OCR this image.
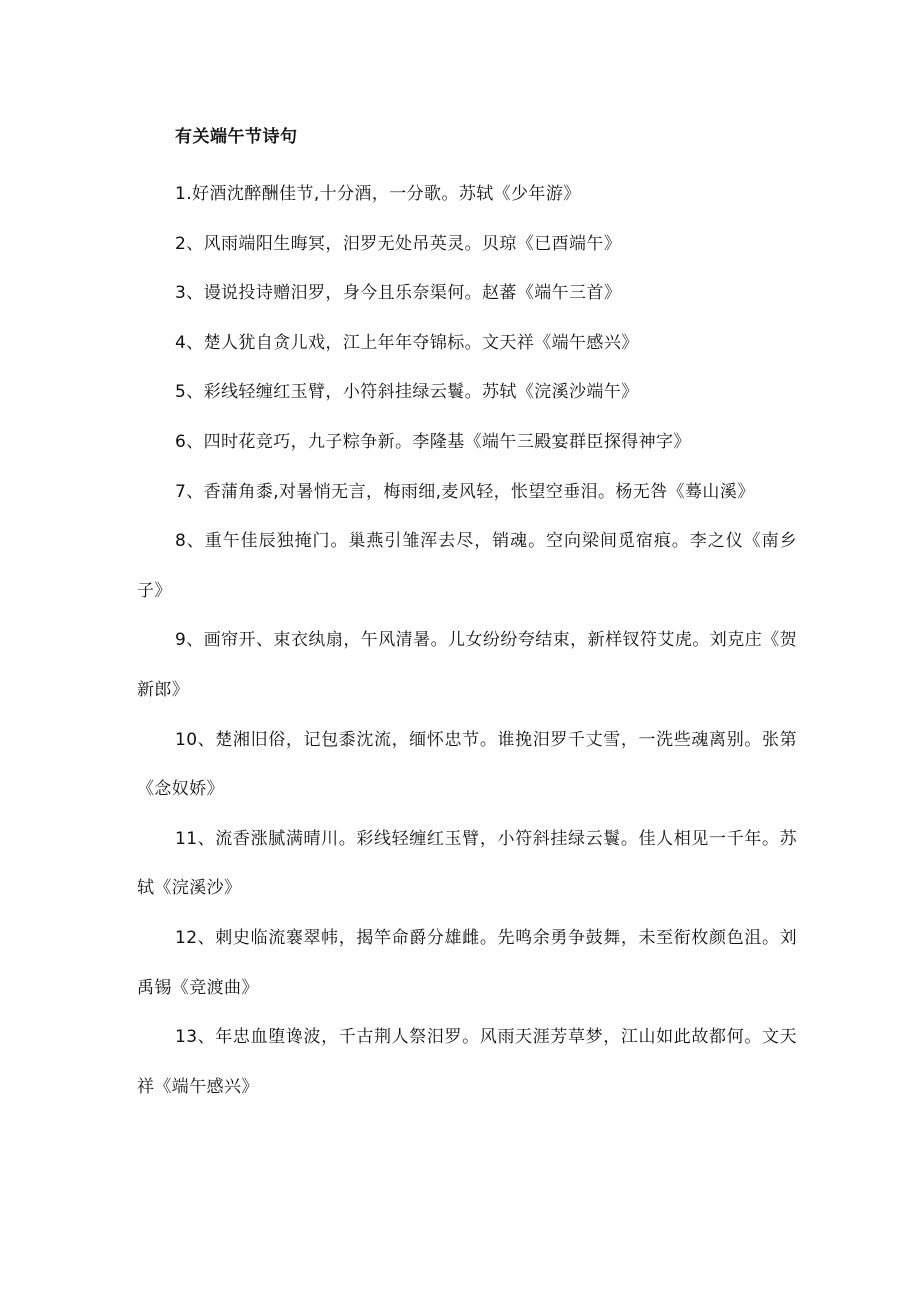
有关端午节诗句

1.好酒沈醉酬佳节,十分酒，一分歌。苏轼《少年游》

2、风雨端阳生晦冥，汨罗无处吊英灵。贝琼《已酉端午》

3、谩说投诗赠汨罗，身今且乐奈渠何。赵蕃《端午三首》

4、楚人犹自贪儿戏，江上年年夺锦标。文天祥《端午感兴》

5、彩线轻缠红玉臂，小符斜挂绿云鬟。苏轼《浣溪沙端午》

6、四时花竞巧，九子粽争新。李隆基《端午三殿宴群臣探得神字》

7、香蒲角黍,对暑悄无言，梅雨细,麦风轻，怅望空垂泪。杨无咎《蓦山溪》

8、重午佳辰独掩门。巢燕引雏浑去尽，销魂。空向梁间觅宿痕。李之仪《南乡子》

9、画帘开、束衣纨扇，午风清暑。儿女纷纷夸结束，新样钗符艾虎。刘克庄《贺新郎》

10、楚湘旧俗，记包黍沈流，缅怀忠节。谁挽汨罗千丈雪，一洗些魂离别。张第《念奴娇》

11、流香涨腻满晴川。彩线轻缠红玉臂，小符斜挂绿云鬟。佳人相见一千年。苏轼《浣溪沙》

12、刺史临流褰翠帏，揭竿命爵分雄雌。先鸣余勇争鼓舞，未至衔枚颜色沮。刘禹锡《竞渡曲》

13、年忠血堕谗波，千古荆人祭汨罗。风雨天涯芳草梦，江山如此故都何。文天祥《端午感兴》
